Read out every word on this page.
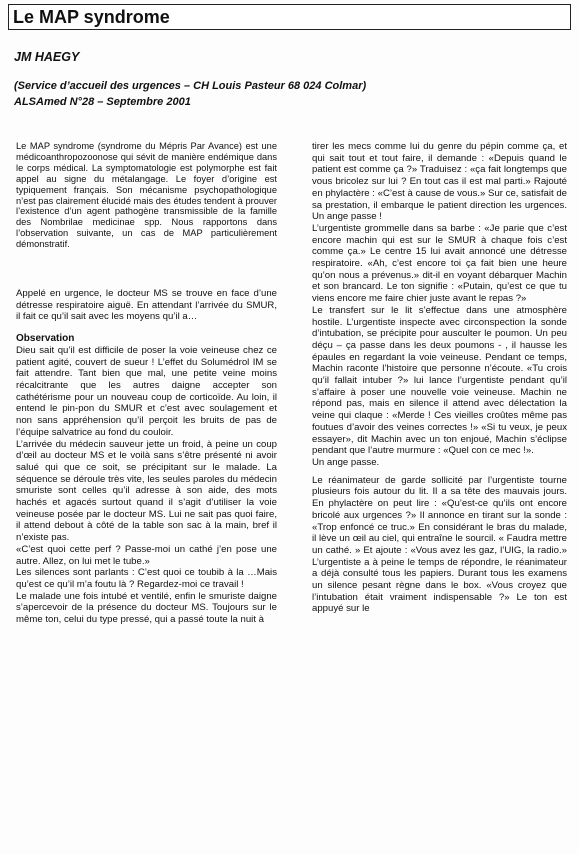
Le MAP syndrome
JM HAEGY
(Service d’accueil des urgences – CH Louis Pasteur 68 024 Colmar)
ALSAmed N°28 – Septembre 2001

Le MAP syndrome (syndrome du Mépris Par Avance) est une médicoanthropozoonose qui sévit de manière endémique dans le corps médical. La symptomatologie est polymorphe est fait appel au signe du métalangage. Le foyer d’origine est typiquement français. Son mécanisme psychopathologique n’est pas clairement élucidé mais des études tendent à prouver l’existence d’un agent pathogène transmissible de la famille des Nombrilae medicinae spp. Nous rapportons dans l’observation suivante, un cas de MAP particulièrement démonstratif.

Appelé en urgence, le docteur MS se trouve en face d’une détresse respiratoire aiguë. En attendant l’arrivée du SMUR, il fait ce qu’il sait avec les moyens qu’il a…

Observation

Dieu sait qu’il est difficile de poser la voie veineuse chez ce patient agité, couvert de sueur ! L’effet du Solumédrol IM se fait attendre. Tant bien que mal, une petite veine moins récalcitrante que les autres daigne accepter son cathétérisme pour un nouveau coup de corticoïde. Au loin, il entend le pin-pon du SMUR et c’est avec soulagement et non sans appréhension qu’il perçoit les bruits de pas de l’équipe salvatrice au fond du couloir.

L’arrivée du médecin sauveur jette un froid, à peine un coup d’œil au docteur MS et le voilà sans s’être présenté ni avoir salué qui que ce soit, se précipitant sur le malade. La séquence se déroule très vite, les seules paroles du médecin smuriste sont celles qu’il adresse à son aide, des mots hachés et agacés surtout quand il s’agit d’utiliser la voie veineuse posée par le docteur MS. Lui ne sait pas quoi faire, il attend debout à côté de la table son sac à la main, bref il n’existe pas.

«C’est quoi cette perf ? Passe-moi un cathé j’en pose une autre. Allez, on lui met le tube.»

Les silences sont parlants : C’est quoi ce toubib à la …Mais qu’est ce qu’il m’a foutu là ? Regardez-moi ce travail !

Le malade une fois intubé et ventilé, enfin le smuriste daigne s’apercevoir de la présence du docteur MS. Toujours sur le même ton, celui du type pressé, qui a passé toute la nuit à

tirer les mecs comme lui du genre du pépin comme ça, et qui sait tout et tout faire, il demande : «Depuis quand le patient est comme ça ?» Traduisez : «ça fait longtemps que vous bricolez sur lui ? En tout cas il est mal parti.» Rajouté en phylactère : «C’est à cause de vous.» Sur ce, satisfait de sa prestation, il embarque le patient direction les urgences. Un ange passe !

L’urgentiste grommelle dans sa barbe : «Je parie que c’est encore machin qui est sur le SMUR à chaque fois c’est comme ça.» Le centre 15 lui avait annoncé une détresse respiratoire. «Ah, c’est encore toi ça fait bien une heure qu’on nous a prévenus.» dit-il en voyant débarquer Machin et son brancard. Le ton signifie : «Putain, qu’est ce que tu viens encore me faire chier juste avant le repas ?»

Le transfert sur le lit s’effectue dans une atmosphère hostile. L’urgentiste inspecte avec circonspection la sonde d’intubation, se précipite pour ausculter le poumon. Un peu déçu – ça passe dans les deux poumons - , il hausse les épaules en regardant la voie veineuse. Pendant ce temps, Machin raconte l’histoire que personne n’écoute. «Tu crois qu’il fallait intuber ?» lui lance l’urgentiste pendant qu’il s’affaire à poser une nouvelle voie veineuse. Machin ne répond pas, mais en silence il attend avec délectation la veine qui claque : «Merde ! Ces vieilles croûtes même pas foutues d’avoir des veines correctes !» «Si tu veux, je peux essayer», dit Machin avec un ton enjoué, Machin s’éclipse pendant que l’autre murmure : «Quel con ce mec !».

Un ange passe.

Le réanimateur de garde sollicité par l’urgentiste tourne plusieurs fois autour du lit. Il a sa tête des mauvais jours. En phylactère on peut lire : «Qu’est-ce qu’ils ont encore bricolé aux urgences ?» Il annonce en tirant sur la sonde : «Trop enfoncé ce truc.» En considérant le bras du malade, il lève un œil au ciel, qui entraîne le sourcil. « Faudra mettre un cathé. » Et ajoute : «Vous avez les gaz, l’UIG, la radio.» L’urgentiste a à peine le temps de répondre, le réanimateur a déjà consulté tous les papiers. Durant tous les examens un silence pesant règne dans le box. «Vous croyez que l’intubation était vraiment indispensable ?» Le ton est appuyé sur le
